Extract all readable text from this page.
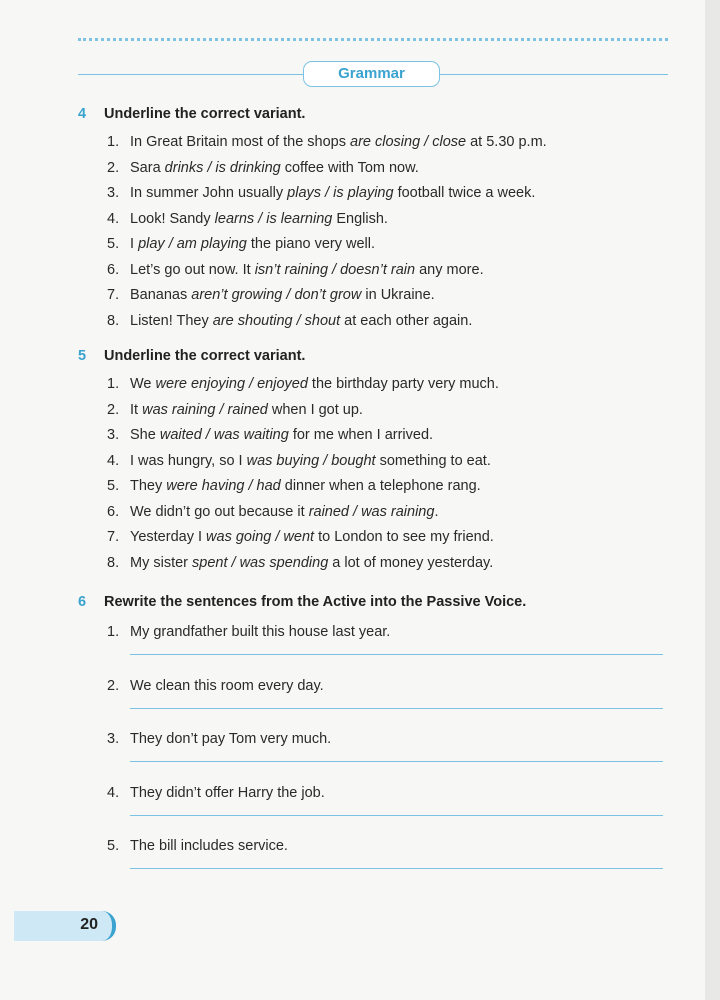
Grammar
4 Underline the correct variant.
1. In Great Britain most of the shops are closing / close at 5.30 p.m.
2. Sara drinks / is drinking coffee with Tom now.
3. In summer John usually plays / is playing football twice a week.
4. Look! Sandy learns / is learning English.
5. I play / am playing the piano very well.
6. Let’s go out now. It isn’t raining / doesn’t rain any more.
7. Bananas aren’t growing / don’t grow in Ukraine.
8. Listen! They are shouting / shout at each other again.
5 Underline the correct variant.
1. We were enjoying / enjoyed the birthday party very much.
2. It was raining / rained when I got up.
3. She waited / was waiting for me when I arrived.
4. I was hungry, so I was buying / bought something to eat.
5. They were having / had dinner when a telephone rang.
6. We didn’t go out because it rained / was raining.
7. Yesterday I was going / went to London to see my friend.
8. My sister spent / was spending a lot of money yesterday.
6 Rewrite the sentences from the Active into the Passive Voice.
1. My grandfather built this house last year.
2. We clean this room every day.
3. They don’t pay Tom very much.
4. They didn’t offer Harry the job.
5. The bill includes service.
20
